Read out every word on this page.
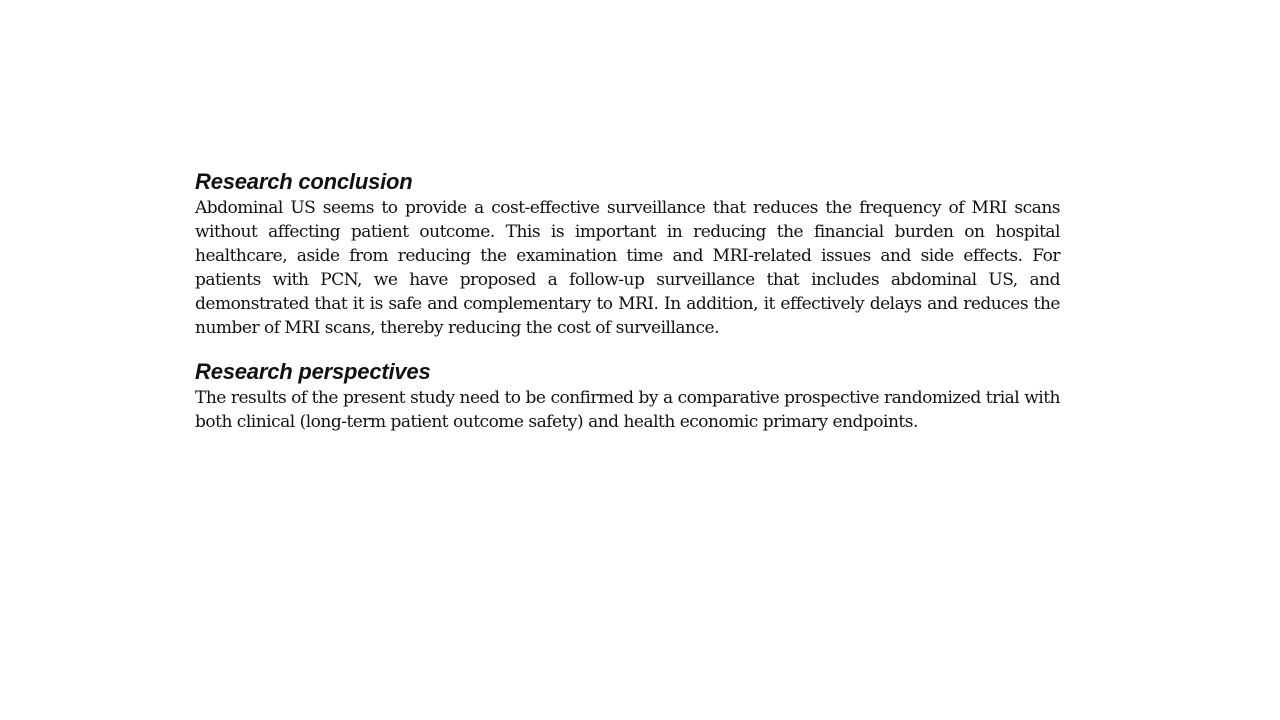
Research conclusion

Abdominal US seems to provide a cost-effective surveillance that reduces the frequency of MRI scans without affecting patient outcome. This is important in reducing the financial burden on hospital healthcare, aside from reducing the examination time and MRI-related issues and side effects. For patients with PCN, we have proposed a follow-up surveillance that includes abdominal US, and demonstrated that it is safe and complementary to MRI. In addition, it effectively delays and reduces the number of MRI scans, thereby reducing the cost of surveillance.

Research perspectives

The results of the present study need to be confirmed by a comparative prospective randomized trial with both clinical (long-term patient outcome safety) and health economic primary endpoints.
